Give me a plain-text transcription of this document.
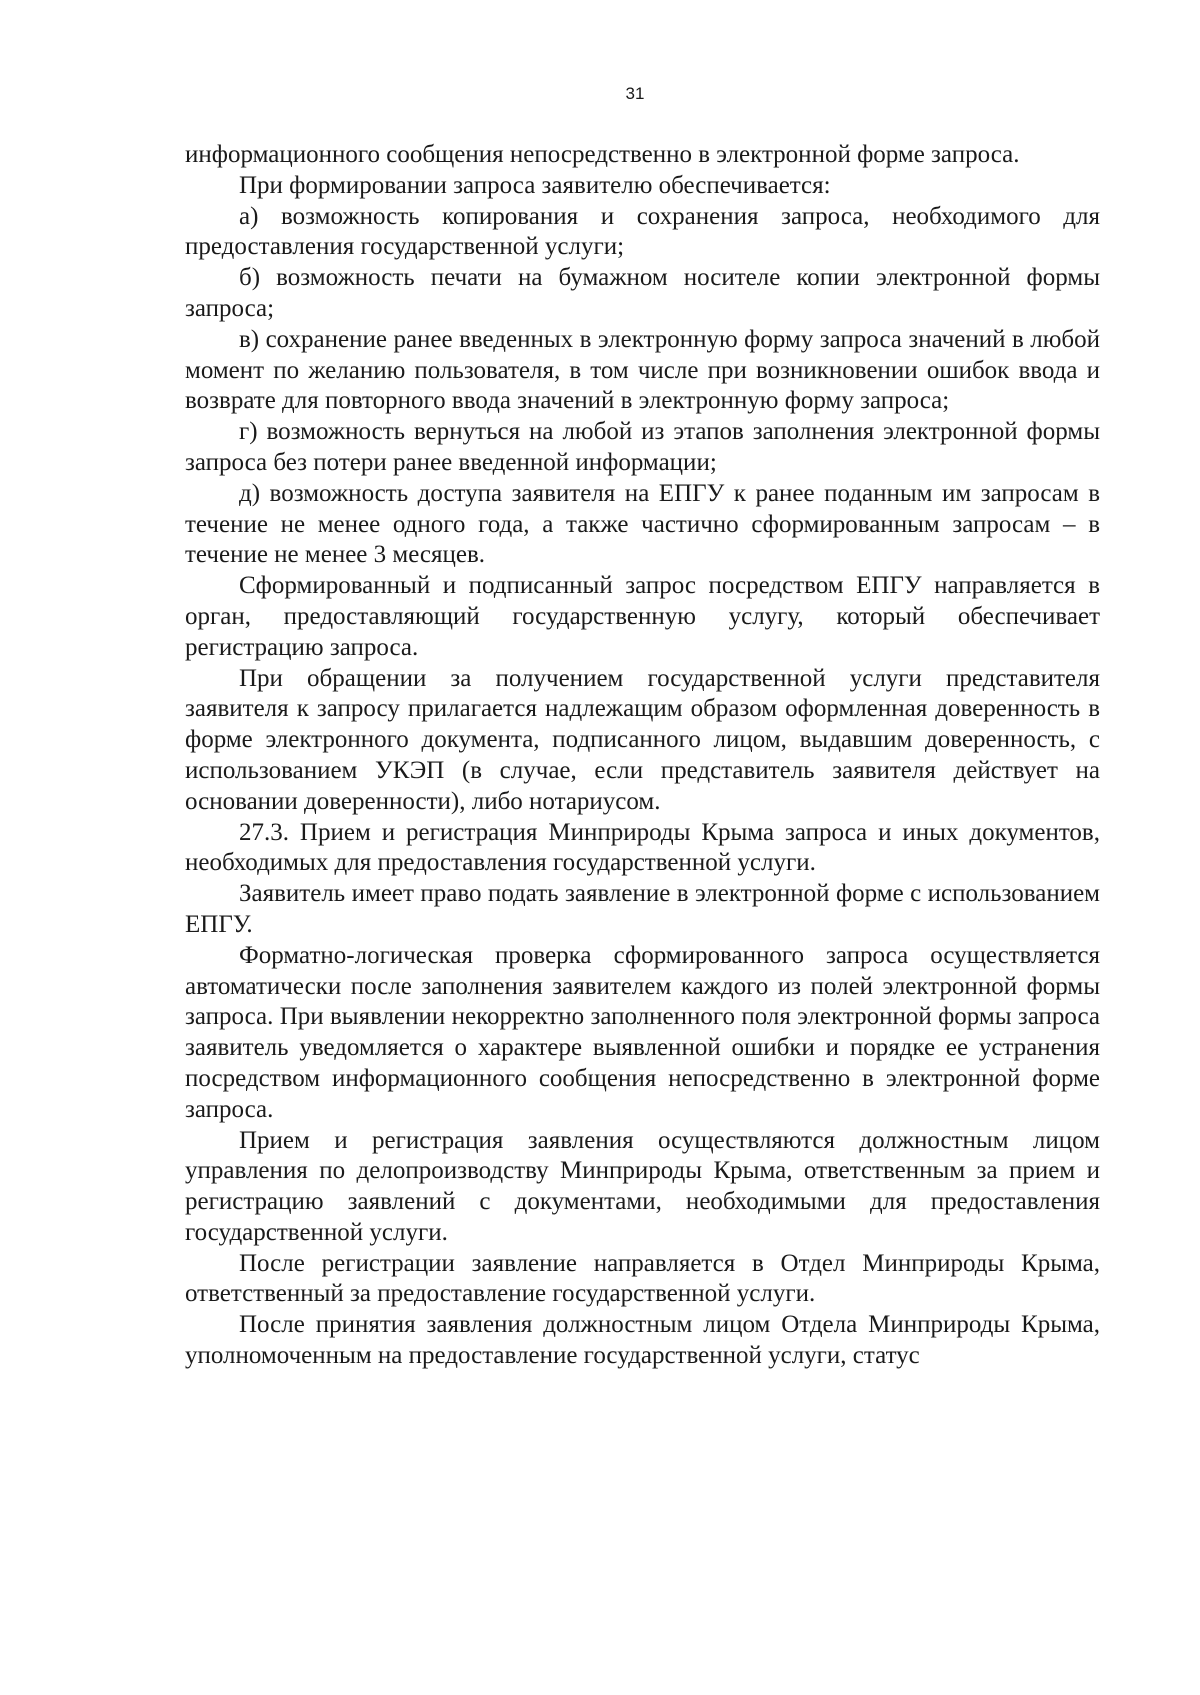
31

информационного сообщения непосредственно в электронной форме запроса.

При формировании запроса заявителю обеспечивается:

а) возможность копирования и сохранения запроса, необходимого для предоставления государственной услуги;

б) возможность печати на бумажном носителе копии электронной формы запроса;

в) сохранение ранее введенных в электронную форму запроса значений в любой момент по желанию пользователя, в том числе при возникновении ошибок ввода и возврате для повторного ввода значений в электронную форму запроса;

г) возможность вернуться на любой из этапов заполнения электронной формы запроса без потери ранее введенной информации;

д) возможность доступа заявителя на ЕПГУ к ранее поданным им запросам в течение не менее одного года, а также частично сформированным запросам – в течение не менее 3 месяцев.

Сформированный и подписанный запрос посредством ЕПГУ направляется в орган, предоставляющий государственную услугу, который обеспечивает регистрацию запроса.

При обращении за получением государственной услуги представителя заявителя к запросу прилагается надлежащим образом оформленная доверенность в форме электронного документа, подписанного лицом, выдавшим доверенность, с использованием УКЭП (в случае, если представитель заявителя действует на основании доверенности), либо нотариусом.

27.3. Прием и регистрация Минприроды Крыма запроса и иных документов, необходимых для предоставления государственной услуги.

Заявитель имеет право подать заявление в электронной форме с использованием ЕПГУ.

Форматно-логическая проверка сформированного запроса осуществляется автоматически после заполнения заявителем каждого из полей электронной формы запроса. При выявлении некорректно заполненного поля электронной формы запроса заявитель уведомляется о характере выявленной ошибки и порядке ее устранения посредством информационного сообщения непосредственно в электронной форме запроса.

Прием и регистрация заявления осуществляются должностным лицом управления по делопроизводству Минприроды Крыма, ответственным за прием и регистрацию заявлений с документами, необходимыми для предоставления государственной услуги.

После регистрации заявление направляется в Отдел Минприроды Крыма, ответственный за предоставление государственной услуги.

После принятия заявления должностным лицом Отдела Минприроды Крыма, уполномоченным на предоставление государственной услуги, статус
